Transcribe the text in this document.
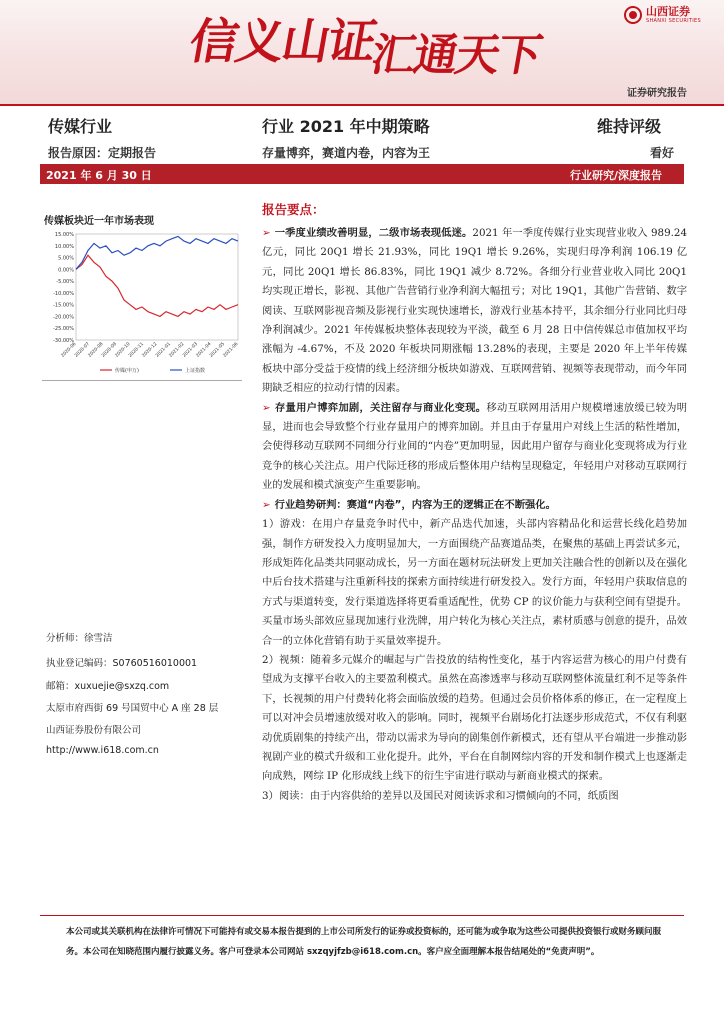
信义山证汇通天下
山西证券
SHANXI SECURITIES
证券研究报告
传媒行业	行业 2021 年中期策略	维持评级
报告原因：定期报告	存量博弈，赛道内卷，内容为王	看好
2021 年 6 月 30 日	行业研究/深度报告
传媒板块近一年市场表现
15.00%
10.00%
5.00%
0.00%
-5.00%
-10.00%
-15.00%
-20.00%
-25.00%
-30.00%
2020-06
2020-07
2020-08
2020-09
2020-10
2020-11
2020-12
2021-01
2021-02
2021-03
2021-04
2021-05
2021-06
传媒(申万)	上证指数
分析师：徐雪洁
执业登记编码：S0760516010001
邮箱：xuxuejie@sxzq.com
太原市府西街 69 号国贸中心 A 座 28 层
山西证券股份有限公司
http://www.i618.com.cn
报告要点：

➢ 一季度业绩改善明显，二级市场表现低迷。2021 年一季度传媒行业实现营业收入 989.24 亿元，同比 20Q1 增长 21.93%，同比 19Q1 增长 9.26%，实现归母净利润 106.19 亿元，同比 20Q1 增长 86.83%，同比 19Q1 减少 8.72%。各细分行业营业收入同比 20Q1 均实现正增长，影视、其他广告营销行业净利润大幅扭亏；对比 19Q1，其他广告营销、数字阅读、互联网影视音频及影视行业实现快速增长，游戏行业基本持平，其余细分行业同比归母净利润减少。2021 年传媒板块整体表现较为平淡，截至 6 月 28 日中信传媒总市值加权平均涨幅为 -4.67%，不及 2020 年板块同期涨幅 13.28%的表现，主要是 2020 年上半年传媒板块中部分受益于疫情的线上经济细分板块如游戏、互联网营销、视频等表现带动，而今年同期缺乏相应的拉动行情的因素。

➢ 存量用户博弈加剧，关注留存与商业化变现。移动互联网用活用户规模增速放缓已较为明显，进而也会导致整个行业存量用户的博弈加剧。并且由于存量用户对线上生活的粘性增加，会使得移动互联网不同细分行业间的“内卷”更加明显，因此用户留存与商业化变现将成为行业竞争的核心关注点。用户代际迁移的形成后整体用户结构呈现稳定，年轻用户对移动互联网行业的发展和模式演变产生重要影响。

➢ 行业趋势研判：赛道“内卷”，内容为王的逻辑正在不断强化。

1）游戏：在用户存量竞争时代中，新产品迭代加速，头部内容精品化和运营长线化趋势加强，制作方研发投入力度明显加大，一方面围绕产品赛道品类，在聚焦的基础上再尝试多元，形成矩阵化品类共同驱动成长，另一方面在题材玩法研发上更加关注融合性的创新以及在强化中后台技术搭建与注重新科技的探索方面持续进行研发投入。发行方面，年轻用户获取信息的方式与渠道转变，发行渠道选择将更看重适配性，优势 CP 的议价能力与获利空间有望提升。买量市场头部效应显现加速行业洗牌，用户转化为核心关注点，素材质感与创意的提升，品效合一的立体化营销有助于买量效率提升。

2）视频：随着多元媒介的崛起与广告投放的结构性变化，基于内容运营为核心的用户付费有望成为支撑平台收入的主要盈利模式。虽然在高渗透率与移动互联网整体流量红利不足等条件下，长视频的用户付费转化将会面临放缓的趋势。但通过会员价格体系的修正，在一定程度上可以对冲会员增速放缓对收入的影响。同时，视频平台剧场化打法逐步形成范式，不仅有利驱动优质剧集的持续产出，带动以需求为导向的剧集创作新模式，还有望从平台端进一步推动影视剧产业的模式升级和工业化提升。此外，平台在自制网综内容的开发和制作模式上也逐渐走向成熟，网综 IP 化形成线上线下的衍生宇宙进行联动与新商业模式的探索。

3）阅读：由于内容供给的差异以及国民对阅读诉求和习惯倾向的不同，纸质图

本公司或其关联机构在法律许可情况下可能持有或交易本报告提到的上市公司所发行的证券或投资标的，还可能为或争取为这些公司提供投资银行或财务顾问服务。本公司在知晓范围内履行披露义务。客户可登录本公司网站 sxzqyjfzb@i618.com.cn。客户应全面理解本报告结尾处的“免责声明”。
